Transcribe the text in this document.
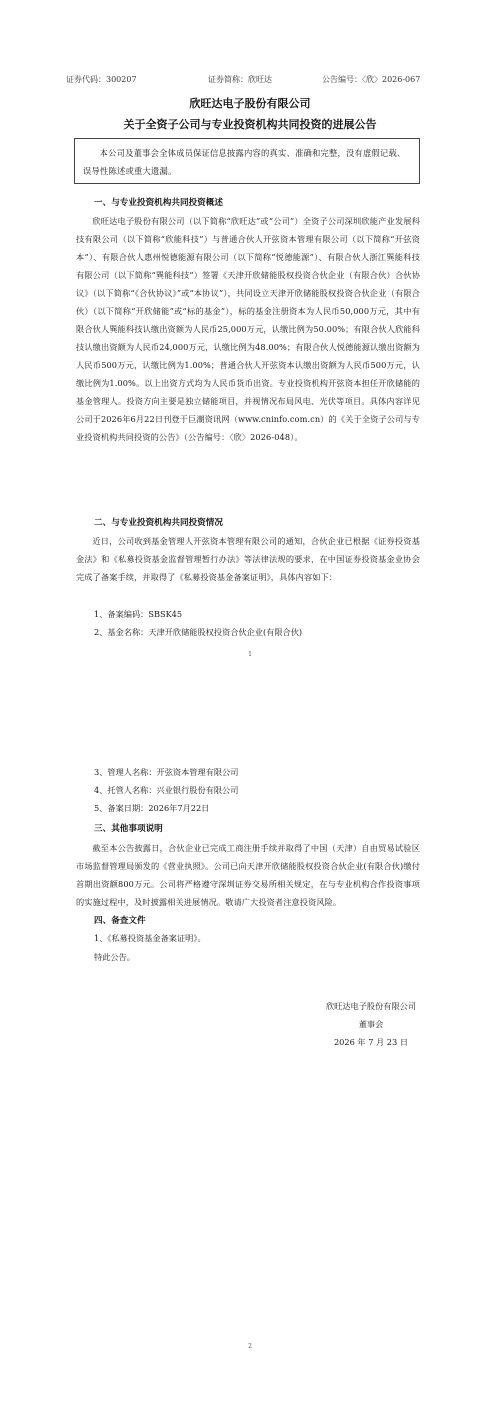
证券代码：300207	证券简称：欣旺达	公告编号：〈欣〉2026-067
欣旺达电子股份有限公司
关于全资子公司与专业投资机构共同投资的进展公告
本公司及董事会全体成员保证信息披露内容的真实、准确和完整，没有虚假记载、误导性陈述或重大遗漏。
一、与专业投资机构共同投资概述
欣旺达电子股份有限公司（以下简称“欣旺达”或“公司”）全资子公司深圳欣能产业发展科技有限公司（以下简称“欣能科技”）与普通合伙人开弦资本管理有限公司（以下简称“开弦资本”）、有限合伙人惠州悦德能源有限公司（以下简称“悦德能源”）、有限合伙人浙江巽能科技有限公司（以下简称“巽能科技”）签署《天津开欣储能股权投资合伙企业（有限合伙）合伙协议》（以下简称“《合伙协议》”或“本协议”），共同设立天津开欣储能股权投资合伙企业（有限合伙）（以下简称“开欣储能”或“标的基金”），标的基金注册资本为人民币50,000万元，其中有限合伙人巽能科技认缴出资额为人民币25,000万元，认缴比例为50.00%；有限合伙人欣能科技认缴出资额为人民币24,000万元，认缴比例为48.00%；有限合伙人悦德能源认缴出资额为人民币500万元，认缴比例为1.00%；普通合伙人开弦资本认缴出资额为人民币500万元，认缴比例为1.00%。以上出资方式均为人民币货币出资。专业投资机构开弦资本担任开欣储能的基金管理人。投资方向主要是独立储能项目，并视情况布局风电、光伏等项目。具体内容详见公司于2026年6月22日刊登于巨潮资讯网（www.cninfo.com.cn）的《关于全资子公司与专业投资机构共同投资的公告》（公告编号：〈欣〉2026-048）。
二、与专业投资机构共同投资情况
近日，公司收到基金管理人开弦资本管理有限公司的通知，合伙企业已根据《证券投资基金法》和《私募投资基金监督管理暂行办法》等法律法规的要求，在中国证券投资基金业协会完成了备案手续，并取得了《私募投资基金备案证明》，具体内容如下：
1、备案编码：SBSK45
2、基金名称：天津开欣储能股权投资合伙企业(有限合伙)
1
3、管理人名称：开弦资本管理有限公司
4、托管人名称：兴业银行股份有限公司
5、备案日期：2026年7月22日
三、其他事项说明
截至本公告披露日，合伙企业已完成工商注册手续并取得了中国（天津）自由贸易试验区市场监督管理局颁发的《营业执照》。公司已向天津开欣储能股权投资合伙企业(有限合伙)缴付首期出资额800万元。公司将严格遵守深圳证券交易所相关规定，在与专业机构合作投资事项的实施过程中，及时披露相关进展情况。敬请广大投资者注意投资风险。
四、备查文件
1、《私募投资基金备案证明》。
特此公告。
欣旺达电子股份有限公司
董事会
2026 年 7 月 23 日
2
